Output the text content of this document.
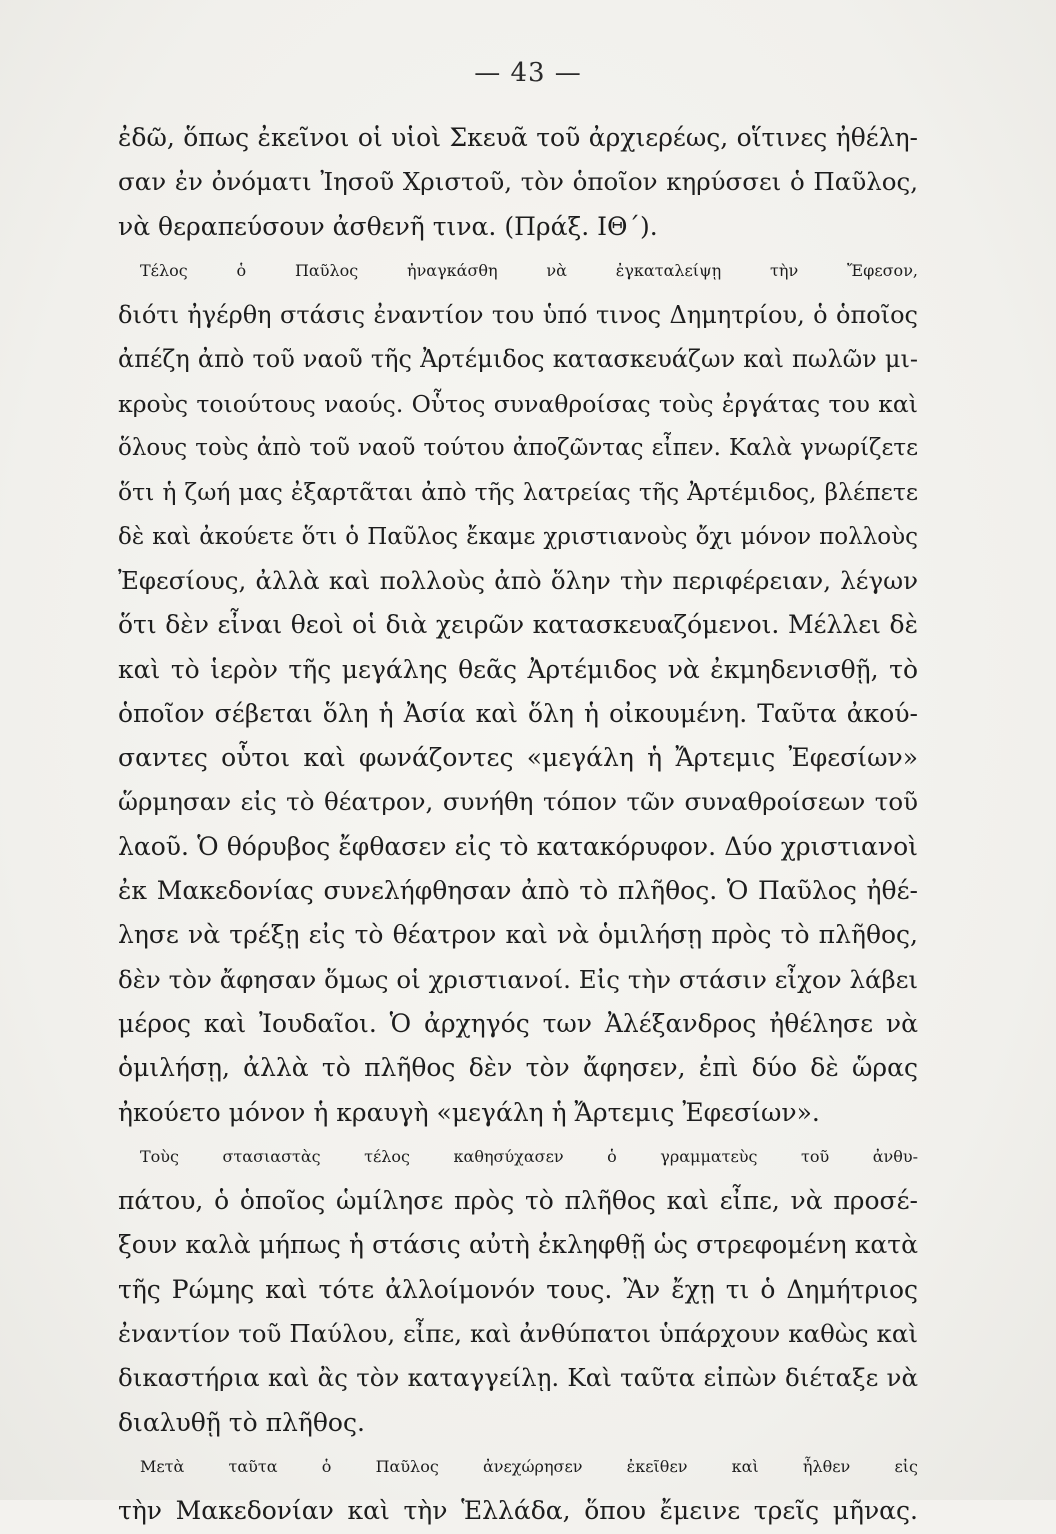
— 43 —
ἐδῶ, ὅπως ἐκεῖνοι οἱ υἱοὶ Σκευᾶ τοῦ ἀρχιερέως, οἵτινες ἠθέλη-
σαν ἐν ὀνόματι Ἰησοῦ Χριστοῦ, τὸν ὁποῖον κηρύσσει ὁ Παῦλος,
νὰ θεραπεύσουν ἀσθενῆ τινα. (Πράξ. ΙΘ΄).
Τέλος ὁ Παῦλος ἠναγκάσθη νὰ ἐγκαταλείψῃ τὴν Ἔφεσον,
διότι ἠγέρθη στάσις ἐναντίον του ὑπό τινος Δημητρίου, ὁ ὁποῖος
ἀπέζη ἀπὸ τοῦ ναοῦ τῆς Ἀρτέμιδος κατασκευάζων καὶ πωλῶν μι-
κροὺς τοιούτους ναούς. Οὗτος συναθροίσας τοὺς ἐργάτας του καὶ
ὅλους τοὺς ἀπὸ τοῦ ναοῦ τούτου ἀποζῶντας εἶπεν. Καλὰ γνωρίζετε
ὅτι ἡ ζωή μας ἐξαρτᾶται ἀπὸ τῆς λατρείας τῆς Ἀρτέμιδος, βλέπετε
δὲ καὶ ἀκούετε ὅτι ὁ Παῦλος ἔκαμε χριστιανοὺς ὄχι μόνον πολλοὺς
Ἐφεσίους, ἀλλὰ καὶ πολλοὺς ἀπὸ ὅλην τὴν περιφέρειαν, λέγων
ὅτι δὲν εἶναι θεοὶ οἱ διὰ χειρῶν κατασκευαζόμενοι. Μέλλει δὲ
καὶ τὸ ἱερὸν τῆς μεγάλης θεᾶς Ἀρτέμιδος νὰ ἐκμηδενισθῇ, τὸ
ὁποῖον σέβεται ὅλη ἡ Ἀσία καὶ ὅλη ἡ οἰκουμένη. Ταῦτα ἀκού-
σαντες οὗτοι καὶ φωνάζοντες «μεγάλη ἡ Ἄρτεμις Ἐφεσίων»
ὥρμησαν εἰς τὸ θέατρον, συνήθη τόπον τῶν συναθροίσεων τοῦ
λαοῦ. Ὁ θόρυβος ἔφθασεν εἰς τὸ κατακόρυφον. Δύο χριστιανοὶ
ἐκ Μακεδονίας συνελήφθησαν ἀπὸ τὸ πλῆθος. Ὁ Παῦλος ἠθέ-
λησε νὰ τρέξῃ εἰς τὸ θέατρον καὶ νὰ ὁμιλήσῃ πρὸς τὸ πλῆθος,
δὲν τὸν ἄφησαν ὅμως οἱ χριστιανοί. Εἰς τὴν στάσιν εἶχον λάβει
μέρος καὶ Ἰουδαῖοι. Ὁ ἀρχηγός των Ἀλέξανδρος ἠθέλησε νὰ
ὁμιλήσῃ, ἀλλὰ τὸ πλῆθος δὲν τὸν ἄφησεν, ἐπὶ δύο δὲ ὥρας
ἠκούετο μόνον ἡ κραυγὴ «μεγάλη ἡ Ἄρτεμις Ἐφεσίων».
Τοὺς στασιαστὰς τέλος καθησύχασεν ὁ γραμματεὺς τοῦ ἀνθυ-
πάτου, ὁ ὁποῖος ὡμίλησε πρὸς τὸ πλῆθος καὶ εἶπε, νὰ προσέ-
ξουν καλὰ μήπως ἡ στάσις αὐτὴ ἐκληφθῇ ὡς στρεφομένη κατὰ
τῆς Ρώμης καὶ τότε ἀλλοίμονόν τους. Ἂν ἔχῃ τι ὁ Δημήτριος
ἐναντίον τοῦ Παύλου, εἶπε, καὶ ἀνθύπατοι ὑπάρχουν καθὼς καὶ
δικαστήρια καὶ ἂς τὸν καταγγείλῃ. Καὶ ταῦτα εἰπὼν διέταξε νὰ
διαλυθῇ τὸ πλῆθος.
Μετὰ ταῦτα ὁ Παῦλος ἀνεχώρησεν ἐκεῖθεν καὶ ἦλθεν εἰς
τὴν Μακεδονίαν καὶ τὴν Ἑλλάδα, ὅπου ἔμεινε τρεῖς μῆνας.
